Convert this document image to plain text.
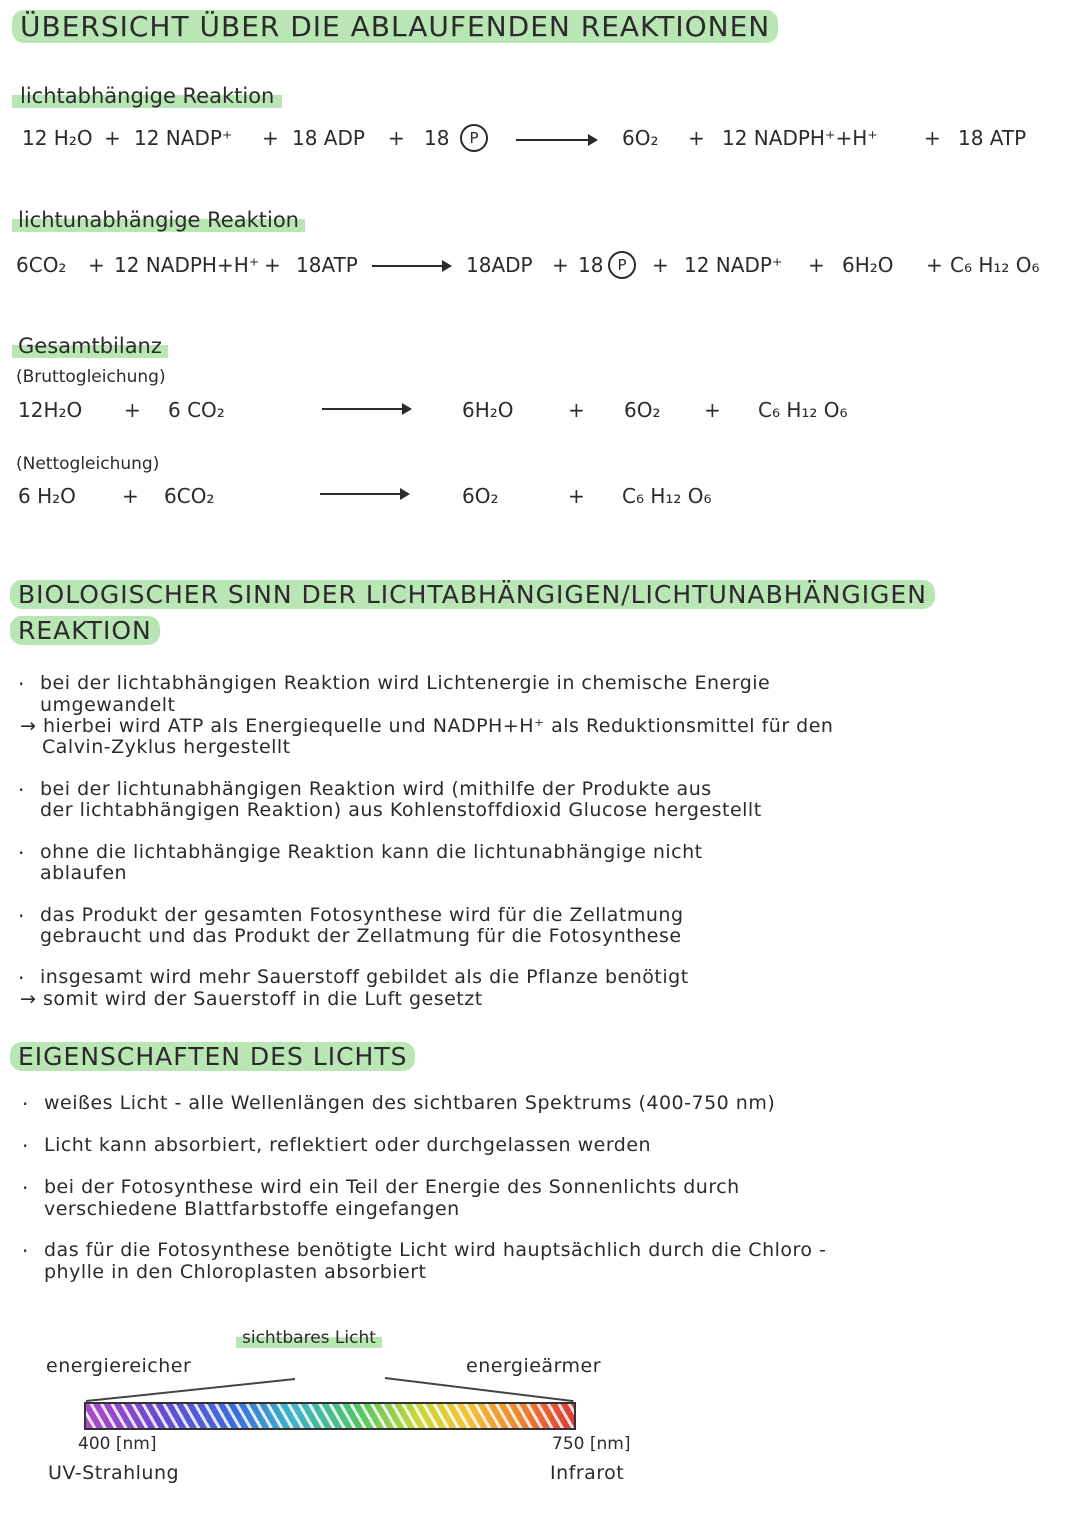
ÜBERSICHT ÜBER DIE ABLAUFENDEN REAKTIONEN
lichtabhängige Reaktion
12 H₂O + 12 NADP⁺ + 18 ADP + 18	P	6O₂ + 12 NADPH⁺+H⁺ + 18 ATP
lichtunabhängige Reaktion
6CO₂ + 12 NADPH+H⁺ + 18ATP	18ADP + 18 P	+ 12 NADP⁺ + 6H₂O + C₆ H₁₂ O₆
Gesamtbilanz
(Bruttogleichung)
12H₂O + 6 CO₂	6H₂O	+ 6O₂ + C₆ H₁₂ O₆
(Nettogleichung)
6 H₂O + 6CO₂	6O₂	+ C₆ H₁₂ O₆
BIOLOGISCHER SINN DER LICHTABHÄNGIGEN/LICHTUNABHÄNGIGEN
REAKTION
· bei der lichtabhängigen Reaktion wird Lichtenergie in chemische Energie
umgewandelt
→ hierbei wird ATP als Energiequelle und NADPH+H⁺ als Reduktionsmittel für den
Calvin-Zyklus hergestellt
· bei der lichtunabhängigen Reaktion wird (mithilfe der Produkte aus
der lichtabhängigen Reaktion) aus Kohlenstoffdioxid Glucose hergestellt
· ohne die lichtabhängige Reaktion kann die lichtunabhängige nicht
ablaufen
· das Produkt der gesamten Fotosynthese wird für die Zellatmung
gebraucht und das Produkt der Zellatmung für die Fotosynthese
· insgesamt wird mehr Sauerstoff gebildet als die Pflanze benötigt
→ somit wird der Sauerstoff in die Luft gesetzt
EIGENSCHAFTEN DES LICHTS
· weißes Licht - alle Wellenlängen des sichtbaren Spektrums (400-750 nm)
· Licht kann absorbiert, reflektiert oder durchgelassen werden
· bei der Fotosynthese wird ein Teil der Energie des Sonnenlichts durch
verschiedene Blattfarbstoffe eingefangen
· das für die Fotosynthese benötigte Licht wird hauptsächlich durch die Chloro -
phylle in den Chloroplasten absorbiert
sichtbares Licht
energiereicher	energieärmer
400 [nm]	750 [nm]
UV-Strahlung	Infrarot
